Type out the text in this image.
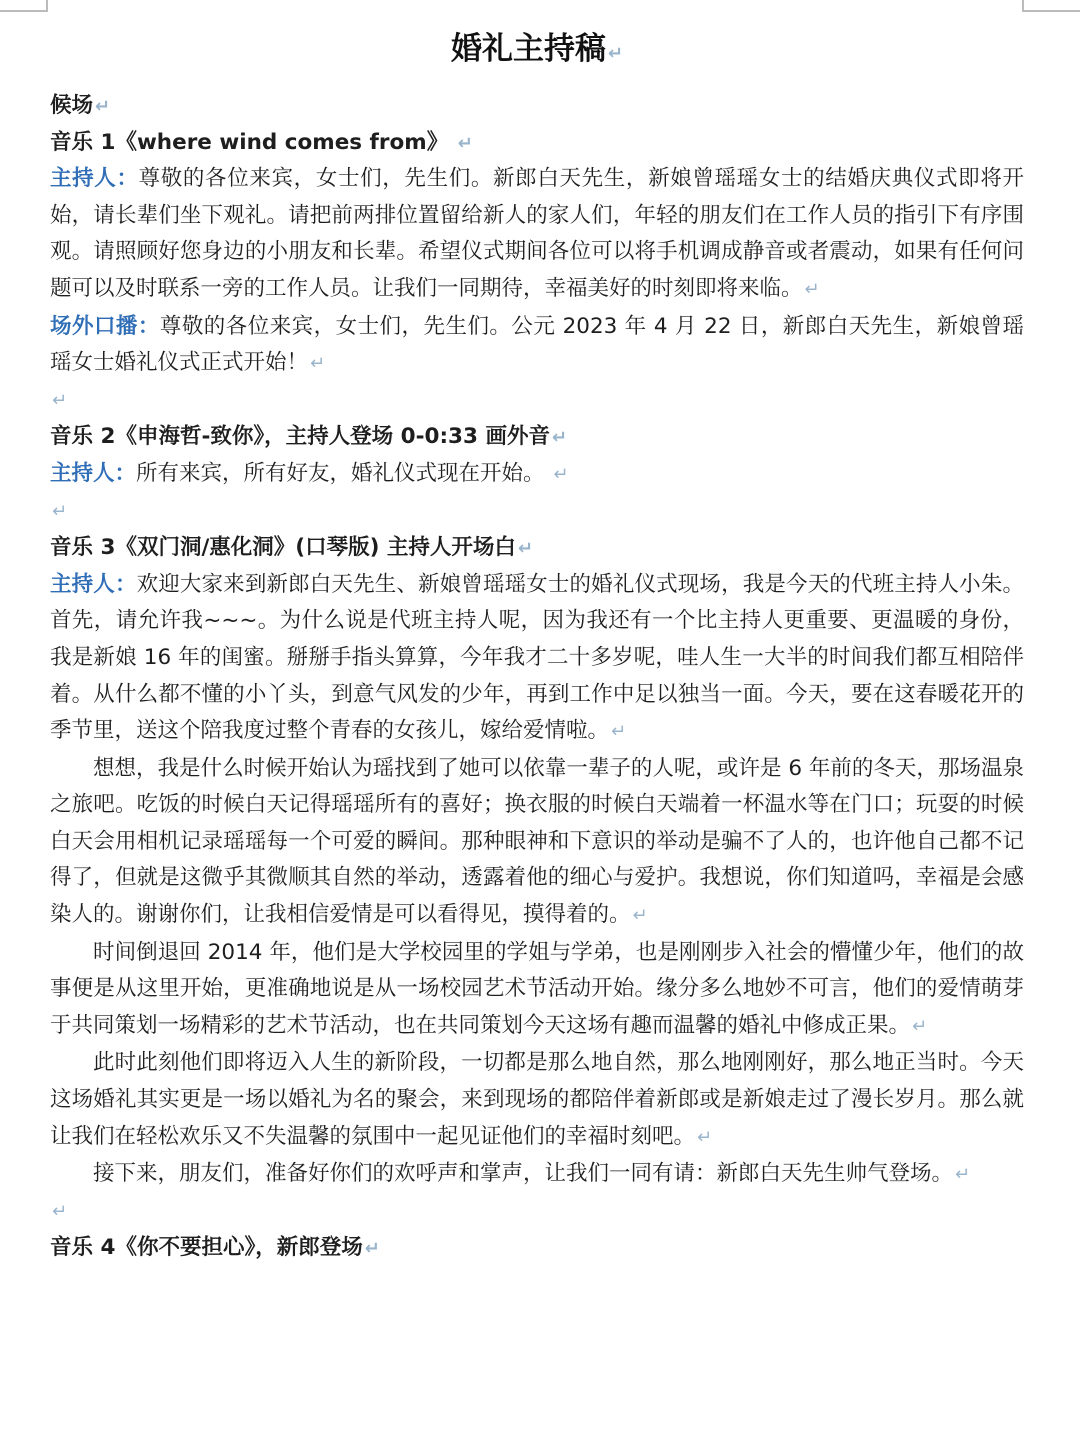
婚礼主持稿 ↵
候场 ↵
音乐 1《where wind comes from》 ↵

主持人：尊敬的各位来宾，女士们，先生们。新郎白天先生，新娘曾瑶瑶女士的结婚庆典仪式即将开始，请长辈们坐下观礼。请把前两排位置留给新人的家人们，年轻的朋友们在工作人员的指引下有序围观。请照顾好您身边的小朋友和长辈。希望仪式期间各位可以将手机调成静音或者震动，如果有任何问题可以及时联系一旁的工作人员。让我们一同期待，幸福美好的时刻即将来临。 ↵

场外口播：尊敬的各位来宾，女士们，先生们。公元 2023 年 4 月 22 日，新郎白天先生，新娘曾瑶瑶女士婚礼仪式正式开始！ ↵

↵
音乐 2《申海哲-致你》，主持人登场 0-0:33 画外音 ↵

主持人：所有来宾，所有好友，婚礼仪式现在开始。 ↵

↵
音乐 3《双门洞/惠化洞》(口琴版) 主持人开场白 ↵

主持人：欢迎大家来到新郎白天先生、新娘曾瑶瑶女士的婚礼仪式现场，我是今天的代班主持人小朱。首先，请允许我~~~。为什么说是代班主持人呢，因为我还有一个比主持人更重要、更温暖的身份，我是新娘 16 年的闺蜜。掰掰手指头算算，今年我才二十多岁呢，哇人生一大半的时间我们都互相陪伴着。从什么都不懂的小丫头，到意气风发的少年，再到工作中足以独当一面。今天，要在这春暖花开的季节里，送这个陪我度过整个青春的女孩儿，嫁给爱情啦。 ↵

想想，我是什么时候开始认为瑶找到了她可以依靠一辈子的人呢，或许是 6 年前的冬天，那场温泉之旅吧。吃饭的时候白天记得瑶瑶所有的喜好；换衣服的时候白天端着一杯温水等在门口；玩耍的时候白天会用相机记录瑶瑶每一个可爱的瞬间。那种眼神和下意识的举动是骗不了人的，也许他自己都不记得了，但就是这微乎其微顺其自然的举动，透露着他的细心与爱护。我想说，你们知道吗，幸福是会感染人的。谢谢你们，让我相信爱情是可以看得见，摸得着的。 ↵

时间倒退回 2014 年，他们是大学校园里的学姐与学弟，也是刚刚步入社会的懵懂少年，他们的故事便是从这里开始，更准确地说是从一场校园艺术节活动开始。缘分多么地妙不可言，他们的爱情萌芽于共同策划一场精彩的艺术节活动，也在共同策划今天这场有趣而温馨的婚礼中修成正果。 ↵

此时此刻他们即将迈入人生的新阶段，一切都是那么地自然，那么地刚刚好，那么地正当时。今天这场婚礼其实更是一场以婚礼为名的聚会，来到现场的都陪伴着新郎或是新娘走过了漫长岁月。那么就让我们在轻松欢乐又不失温馨的氛围中一起见证他们的幸福时刻吧。 ↵

接下来，朋友们，准备好你们的欢呼声和掌声，让我们一同有请：新郎白天先生帅气登场。 ↵

↵
音乐 4《你不要担心》，新郎登场 ↵
